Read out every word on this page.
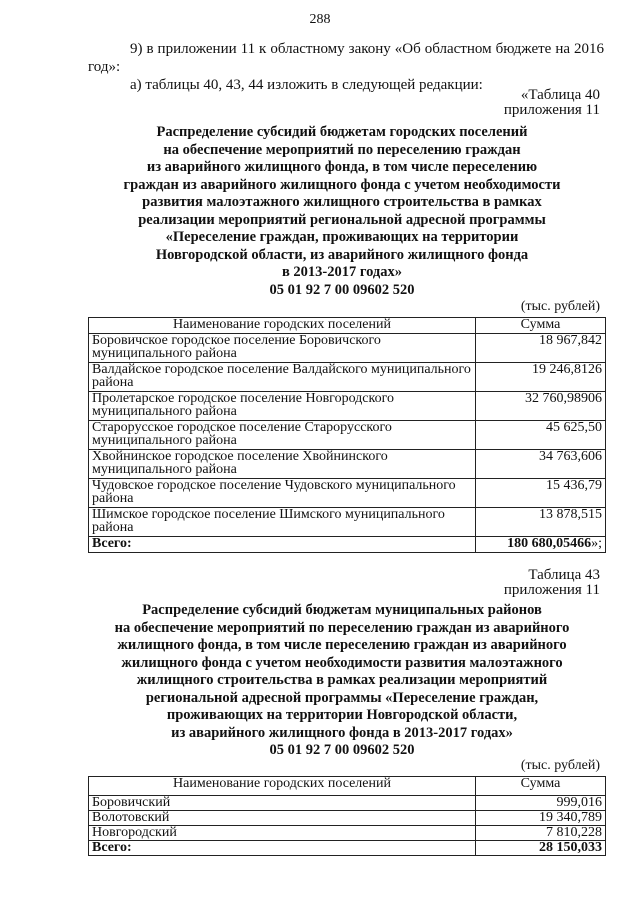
288

9) в приложении 11 к областному закону «Об областном бюджете на 2016 год»:

а) таблицы 40, 43, 44 изложить в следующей редакции:

«Таблица 40
приложения 11
Распределение субсидий бюджетам городских поселений
на обеспечение мероприятий по переселению граждан
из аварийного жилищного фонда, в том числе переселению
граждан из аварийного жилищного фонда с учетом необходимости
развития малоэтажного жилищного строительства в рамках
реализации мероприятий региональной адресной программы
«Переселение граждан, проживающих на территории
Новгородской области, из аварийного жилищного фонда
в 2013-2017 годах»
05 01 92 7 00 09602 520
(тыс. рублей)
Наименование городских поселений	Сумма
Боровичское городское поселение Боровичского муниципального района	18 967,842
Валдайское городское поселение Валдайского муниципального района	19 246,8126
Пролетарское городское поселение Новгородского муниципального района	32 760,98906
Старорусское городское поселение Старорусского муниципального района	45 625,50
Хвойнинское городское поселение Хвойнинского муниципального района	34 763,606
Чудовское городское поселение Чудовского муниципального района	15 436,79
Шимское городское поселение Шимского муниципального района	13 878,515
Всего:	180 680,05466»;
Таблица 43
приложения 11
Распределение субсидий бюджетам муниципальных районов
на обеспечение мероприятий по переселению граждан из аварийного
жилищного фонда, в том числе переселению граждан из аварийного
жилищного фонда с учетом необходимости развития малоэтажного
жилищного строительства в рамках реализации мероприятий
региональной адресной программы «Переселение граждан,
проживающих на территории Новгородской области,
из аварийного жилищного фонда в 2013-2017 годах»
05 01 92 7 00 09602 520
(тыс. рублей)
Наименование городских поселений	Сумма
Боровичский	999,016
Волотовский	19 340,789
Новгородский	7 810,228
Всего:	28 150,033
